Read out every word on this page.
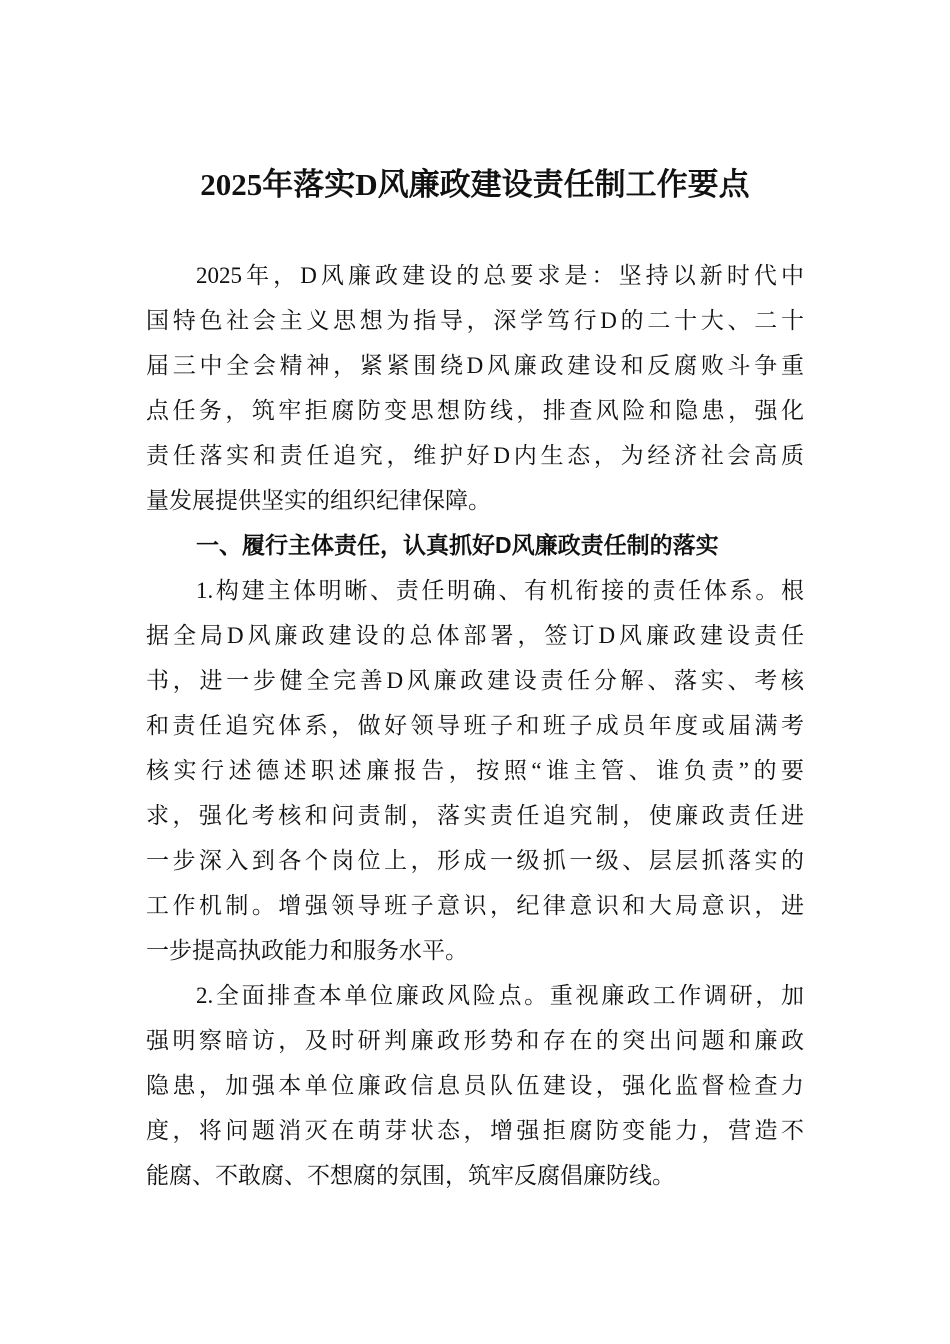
2025年落实D风廉政建设责任制工作要点
2025年，D风廉政建设的总要求是：坚持以新时代中
国特色社会主义思想为指导，深学笃行D的二十大、二十
届三中全会精神，紧紧围绕D风廉政建设和反腐败斗争重
点任务，筑牢拒腐防变思想防线，排查风险和隐患，强化
责任落实和责任追究，维护好D内生态，为经济社会高质
量发展提供坚实的组织纪律保障。
一、履行主体责任，认真抓好D风廉政责任制的落实
1.构建主体明晰、责任明确、有机衔接的责任体系。根
据全局D风廉政建设的总体部署，签订D风廉政建设责任
书，进一步健全完善D风廉政建设责任分解、落实、考核
和责任追究体系，做好领导班子和班子成员年度或届满考
核实行述德述职述廉报告，按照“谁主管、谁负责”的要
求，强化考核和问责制，落实责任追究制，使廉政责任进
一步深入到各个岗位上，形成一级抓一级、层层抓落实的
工作机制。增强领导班子意识，纪律意识和大局意识，进
一步提高执政能力和服务水平。
2.全面排查本单位廉政风险点。重视廉政工作调研，加
强明察暗访，及时研判廉政形势和存在的突出问题和廉政
隐患，加强本单位廉政信息员队伍建设，强化监督检查力
度，将问题消灭在萌芽状态，增强拒腐防变能力，营造不
能腐、不敢腐、不想腐的氛围，筑牢反腐倡廉防线。
